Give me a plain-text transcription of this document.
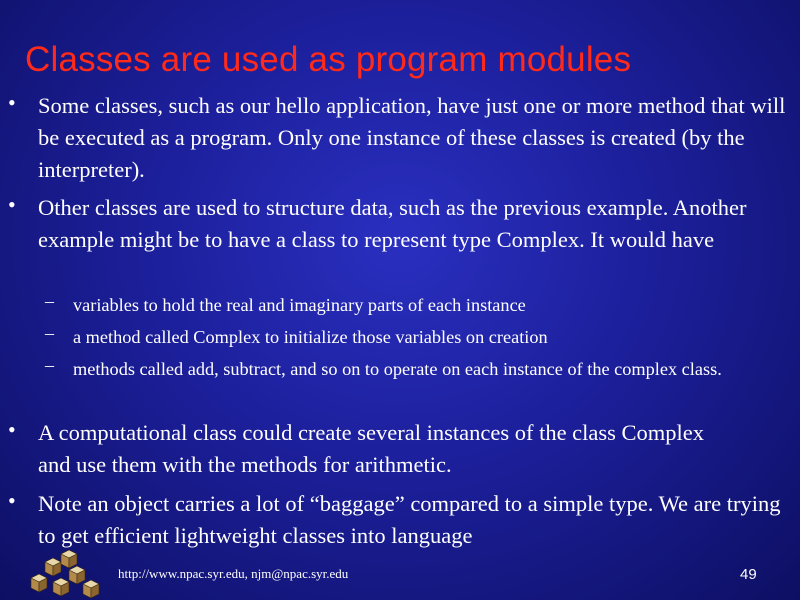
Classes are used as program modules
• Some classes, such as our hello application, have just one or more method that will be executed as a program. Only one instance of these classes is created (by the interpreter).
• Other classes are used to structure data, such as the previous example. Another example might be to have a class to represent type Complex. It would have
– variables to hold the real and imaginary parts of each instance
– a method called Complex to initialize those variables on creation
– methods called add, subtract, and so on to operate on each instance of the complex class.
• A computational class could create several instances of the class Complex and use them with the methods for arithmetic.
• Note an object carries a lot of “baggage” compared to a simple type. We are trying to get efficient lightweight classes into language
http://www.npac.syr.edu, njm@npac.syr.edu	49
